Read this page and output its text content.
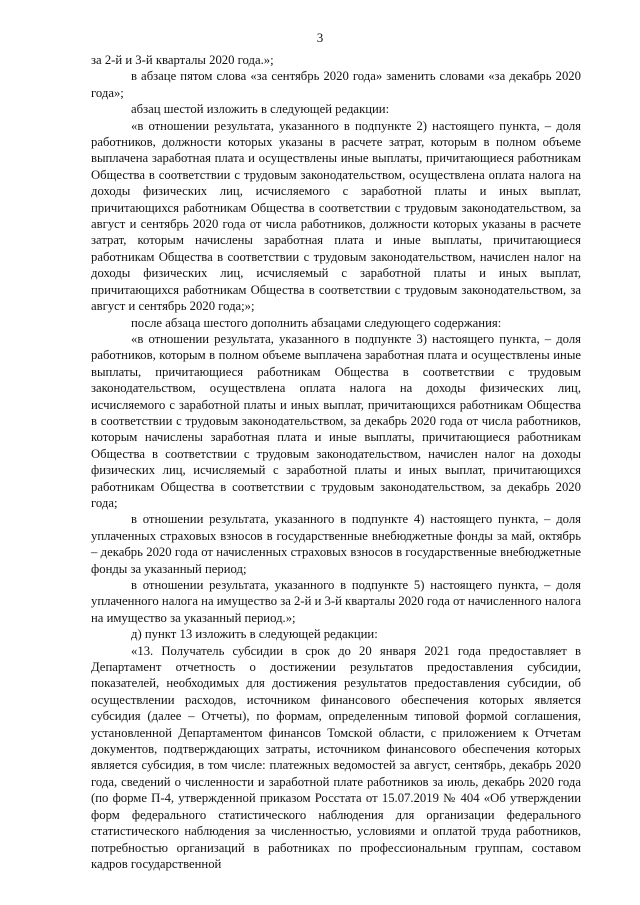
3

за 2-й и 3-й кварталы 2020 года.»;

в абзаце пятом слова «за сентябрь 2020 года» заменить словами «за декабрь 2020 года»;

абзац шестой изложить в следующей редакции:

«в отношении результата, указанного в подпункте 2) настоящего пункта, – доля работников, должности которых указаны в расчете затрат, которым в полном объеме выплачена заработная плата и осуществлены иные выплаты, причитающиеся работникам Общества в соответствии с трудовым законодательством, осуществлена оплата налога на доходы физических лиц, исчисляемого с заработной платы и иных выплат, причитающихся работникам Общества в соответствии с трудовым законодательством, за август и сентябрь 2020 года от числа работников, должности которых указаны в расчете затрат, которым начислены заработная плата и иные выплаты, причитающиеся работникам Общества в соответствии с трудовым законодательством, начислен налог на доходы физических лиц, исчисляемый с заработной платы и иных выплат, причитающихся работникам Общества в соответствии с трудовым законодательством, за август и сентябрь 2020 года;»;

после абзаца шестого дополнить абзацами следующего содержания:

«в отношении результата, указанного в подпункте 3) настоящего пункта, – доля работников, которым в полном объеме выплачена заработная плата и осуществлены иные выплаты, причитающиеся работникам Общества в соответствии с трудовым законодательством, осуществлена оплата налога на доходы физических лиц, исчисляемого с заработной платы и иных выплат, причитающихся работникам Общества в соответствии с трудовым законодательством, за декабрь 2020 года от числа работников, которым начислены заработная плата и иные выплаты, причитающиеся работникам Общества в соответствии с трудовым законодательством, начислен налог на доходы физических лиц, исчисляемый с заработной платы и иных выплат, причитающихся работникам Общества в соответствии с трудовым законодательством, за декабрь 2020 года;

в отношении результата, указанного в подпункте 4) настоящего пункта, – доля уплаченных страховых взносов в государственные внебюджетные фонды за май, октябрь – декабрь 2020 года от начисленных страховых взносов в государственные внебюджетные фонды за указанный период;

в отношении результата, указанного в подпункте 5) настоящего пункта, – доля уплаченного налога на имущество за 2-й и 3-й кварталы 2020 года от начисленного налога на имущество за указанный период.»;

д) пункт 13 изложить в следующей редакции:

«13. Получатель субсидии в срок до 20 января 2021 года предоставляет в Департамент отчетность о достижении результатов предоставления субсидии, показателей, необходимых для достижения результатов предоставления субсидии, об осуществлении расходов, источником финансового обеспечения которых является субсидия (далее – Отчеты), по формам, определенным типовой формой соглашения, установленной Департаментом финансов Томской области, с приложением к Отчетам документов, подтверждающих затраты, источником финансового обеспечения которых является субсидия, в том числе: платежных ведомостей за август, сентябрь, декабрь 2020 года, сведений о численности и заработной плате работников за июль, декабрь 2020 года (по форме П-4, утвержденной приказом Росстата от 15.07.2019 № 404 «Об утверждении форм федерального статистического наблюдения для организации федерального статистического наблюдения за численностью, условиями и оплатой труда работников, потребностью организаций в работниках по профессиональным группам, составом кадров государственной
